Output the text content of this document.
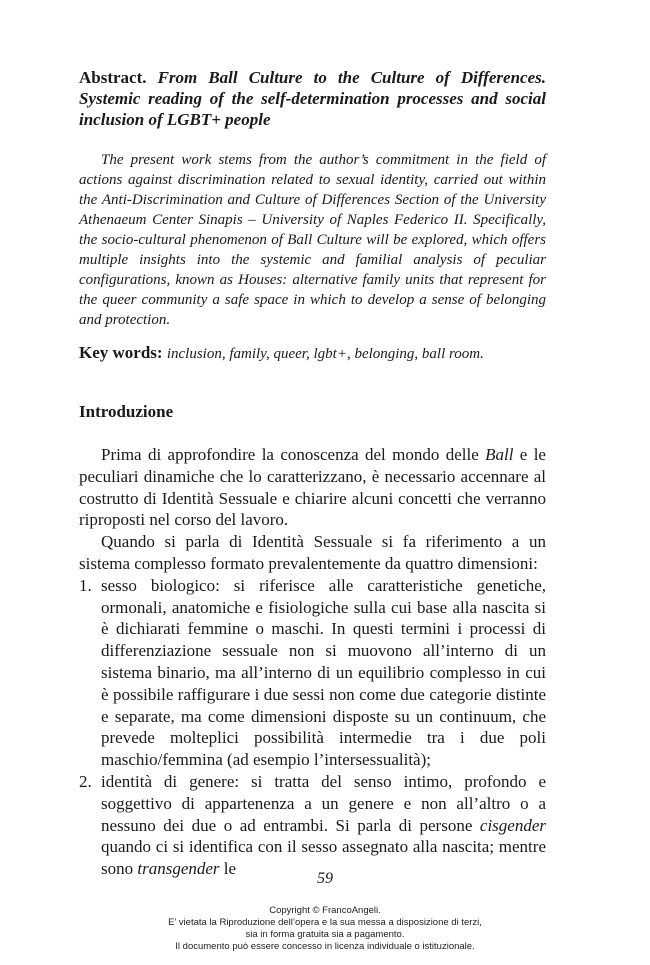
Abstract. From Ball Culture to the Culture of Differences. Systemic reading of the self-determination processes and social inclusion of LGBT+ people
The present work stems from the author’s commitment in the field of actions against discrimination related to sexual identity, carried out within the Anti-Discrimination and Culture of Differences Section of the University Athenaeum Center Sinapis – University of Naples Federico II. Specifically, the socio-cultural phenomenon of Ball Culture will be explored, which offers multiple insights into the systemic and familial analysis of peculiar configurations, known as Houses: alternative family units that represent for the queer community a safe space in which to develop a sense of belonging and protection.
Key words: inclusion, family, queer, lgbt+, belonging, ball room.
Introduzione

Prima di approfondire la conoscenza del mondo delle Ball e le peculiari dinamiche che lo caratterizzano, è necessario accennare al costrutto di Identità Sessuale e chiarire alcuni concetti che verranno riproposti nel corso del lavoro.

Quando si parla di Identità Sessuale si fa riferimento a un sistema complesso formato prevalentemente da quattro dimensioni:

1. sesso biologico: si riferisce alle caratteristiche genetiche, ormonali, anatomiche e fisiologiche sulla cui base alla nascita si è dichiarati femmine o maschi. In questi termini i processi di differenziazione sessuale non si muovono all’interno di un sistema binario, ma all’interno di un equilibrio complesso in cui è possibile raffigurare i due sessi non come due categorie distinte e separate, ma come dimensioni disposte su un continuum, che prevede molteplici possibilità intermedie tra i due poli maschio/femmina (ad esempio l’intersessualità);
2. identità di genere: si tratta del senso intimo, profondo e soggettivo di appartenenza a un genere e non all’altro o a nessuno dei due o ad entrambi. Si parla di persone cisgender quando ci si identifica con il sesso assegnato alla nascita; mentre sono transgender le
59
Copyright © FrancoAngeli.
E’ vietata la Riproduzione dell’opera e la sua messa a disposizione di terzi,
sia in forma gratuita sia a pagamento.
Il documento può essere concesso in licenza individuale o istituzionale.
